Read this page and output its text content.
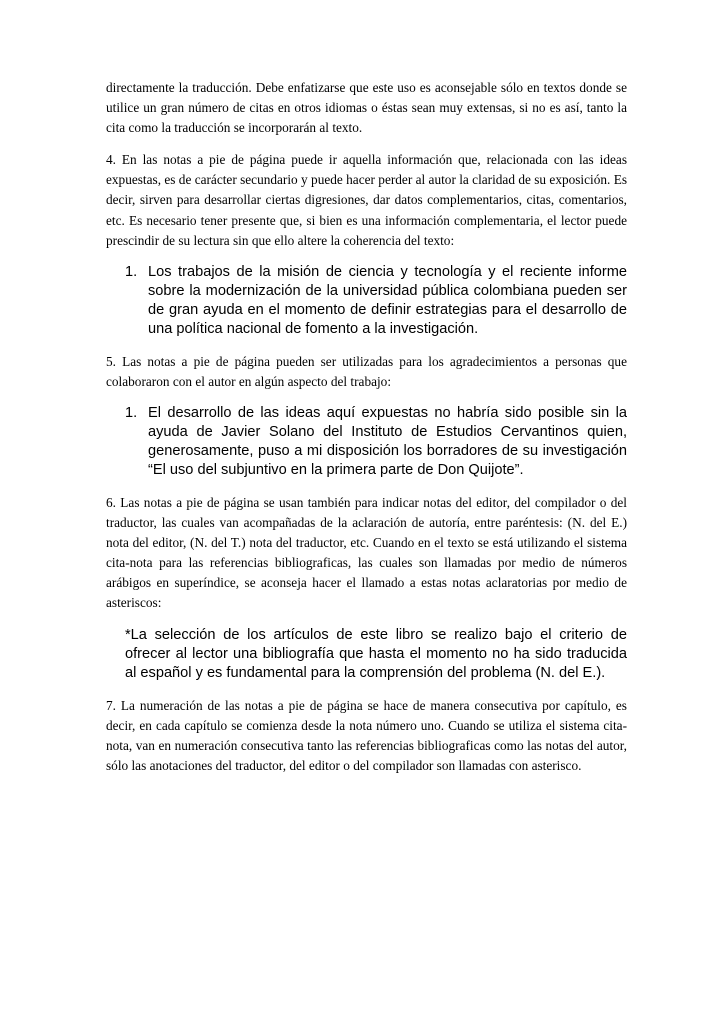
directamente la traducción. Debe enfatizarse que este uso es aconsejable sólo en textos donde se utilice un gran número de citas en otros idiomas o éstas sean muy extensas, si no es así, tanto la cita como la traducción se incorporarán al texto.

4. En las notas a pie de página puede ir aquella información que, relacionada con las ideas expuestas, es de carácter secundario y puede hacer perder al autor la claridad de su exposición. Es decir, sirven para desarrollar ciertas digresiones, dar datos complementarios, citas, comentarios, etc. Es necesario tener presente que, si bien es una información complementaria, el lector puede prescindir de su lectura sin que ello altere la coherencia del texto:

1. Los trabajos de la misión de ciencia y tecnología y el reciente informe sobre la modernización de la universidad pública colombiana pueden ser de gran ayuda en el momento de definir estrategias para el desarrollo de una política nacional de fomento a la investigación.

5. Las notas a pie de página pueden ser utilizadas para los agradecimientos a personas que colaboraron con el autor en algún aspecto del trabajo:

1. El desarrollo de las ideas aquí expuestas no habría sido posible sin la ayuda de Javier Solano del Instituto de Estudios Cervantinos quien, generosamente, puso a mi disposición los borradores de su investigación “El uso del subjuntivo en la primera parte de Don Quijote”.

6. Las notas a pie de página se usan también para indicar notas del editor, del compilador o del traductor, las cuales van acompañadas de la aclaración de autoría, entre paréntesis: (N. del E.) nota del editor, (N. del T.) nota del traductor, etc. Cuando en el texto se está utilizando el sistema cita-nota para las referencias bibliograficas, las cuales son llamadas por medio de números arábigos en superíndice, se aconseja hacer el llamado a estas notas aclaratorias por medio de asteriscos:

*La selección de los artículos de este libro se realizo bajo el criterio de ofrecer al lector una bibliografía que hasta el momento no ha sido traducida al español y es fundamental para la comprensión del problema (N. del E.).

7. La numeración de las notas a pie de página se hace de manera consecutiva por capítulo, es decir, en cada capítulo se comienza desde la nota número uno. Cuando se utiliza el sistema cita-nota, van en numeración consecutiva tanto las referencias bibliograficas como las notas del autor, sólo las anotaciones del traductor, del editor o del compilador son llamadas con asterisco.
